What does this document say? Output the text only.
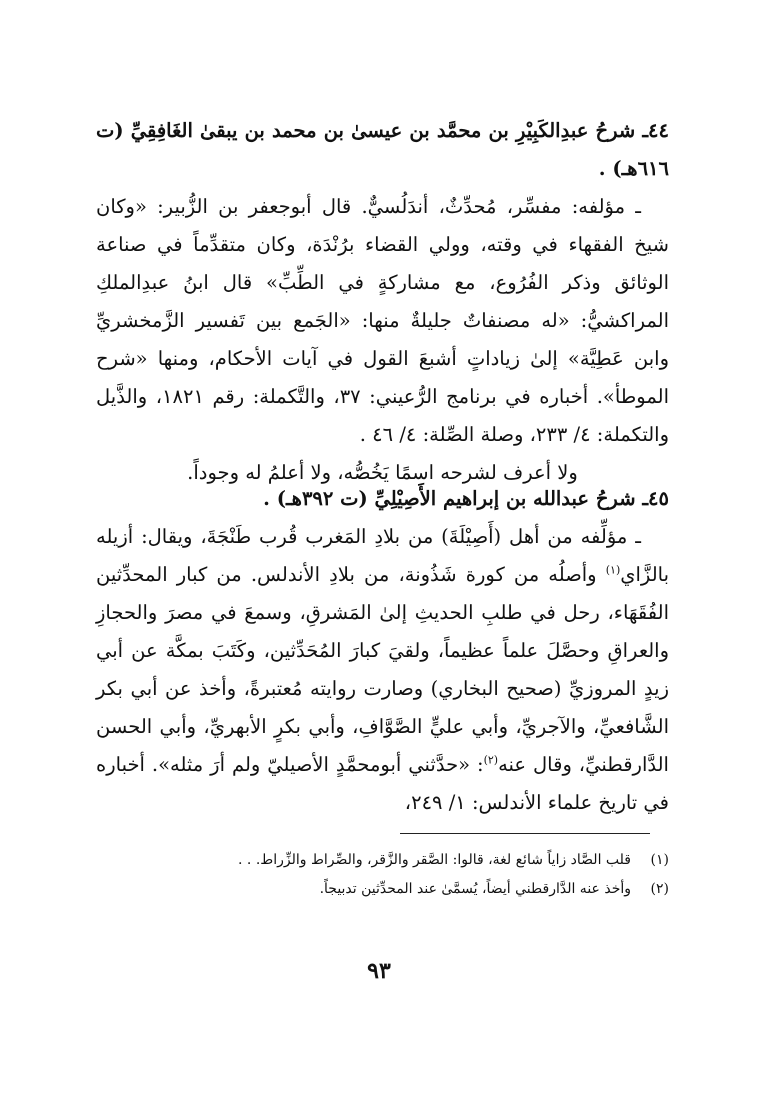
٤٤ـ شرحُ عبدِالكَبِيْرِ بن محمَّد بن عيسىٰ بن محمد بن يبقىٰ الغَافِقِيِّ (ت ٦١٦هـ) .

ـ مؤلفه: مفسِّر، مُحدِّثٌ، أندَلُسيٌّ. قال أبوجعفر بن الزُّبير: «وكان شيخ الفقهاء في وقته، وولي القضاء برُنْدَة، وكان متقدِّماً في صناعة الوثائق وذكر الفُرُوع، مع مشاركةٍ في الطِّبِّ» قال ابنُ عبدِالملكِ المراكشيُّ: «له مصنفاتٌ جليلةٌ منها: «الجَمع بين تَفسير الزَّمخشريِّ وابن عَطِيَّة» إلىٰ زياداتٍ أشبعَ القول في آيات الأحكام، ومنها «شرح الموطأ». أخباره في برنامج الرُّعيني: ٣٧، والتَّكملة: رقم ١٨٢١، والذَّيل والتكملة: ٤/ ٢٣٣، وصلة الصِّلة: ٤/ ٤٦ .

ولا أعرف لشرحه اسمًا يَخُصُّه، ولا أعلمُ له وجوداً.

٤٥ـ شرحُ عبدالله بن إبراهيم الأَصِيْلِيِّ (ت ٣٩٢هـ) .

ـ مؤلِّفه من أهل (أَصِيْلَةَ) من بلادِ المَغرب قُرب طَنْجَةَ، ويقال: أزيله بالزَّاي$^{(١)}$ وأصلُه من كورة شَذُونة، من بلادِ الأندلس. من كبار المحدِّثين الفُقَهَاء، رحل في طلبِ الحديثِ إلىٰ المَشرقِ، وسمعَ في مصرَ والحجازِ والعراقِ وحصَّلَ علماً عظيماً، ولقيَ كبارَ المُحَدِّثين، وكَتَبَ بمكَّة عن أبي زيدٍ المروزيِّ (صحيح البخاري) وصارت روايته مُعتبرةً، وأخذ عن أبي بكر الشَّافعيِّ، والآجريِّ، وأبي عليٍّ الصَّوَّافِ، وأبي بكرٍ الأبهريِّ، وأبي الحسن الدَّارقطنيِّ، وقال عنه$^{(٢)}$: «حدَّثني أبومحمَّدٍ الأصيليّ ولم أرَ مثله». أخباره في تاريخ علماء الأندلس: ١/ ٢٤٩،

(١)
قلب الصَّاد زاياً شائع لغة، قالوا: الصَّقر والزَّقر، والصِّراط والزِّراط. . .
(٢)
وأخذ عنه الدَّارقطني أيضاً، يُسمَّىٰ عند المحدِّثين تدبيجاً.
٩٣
